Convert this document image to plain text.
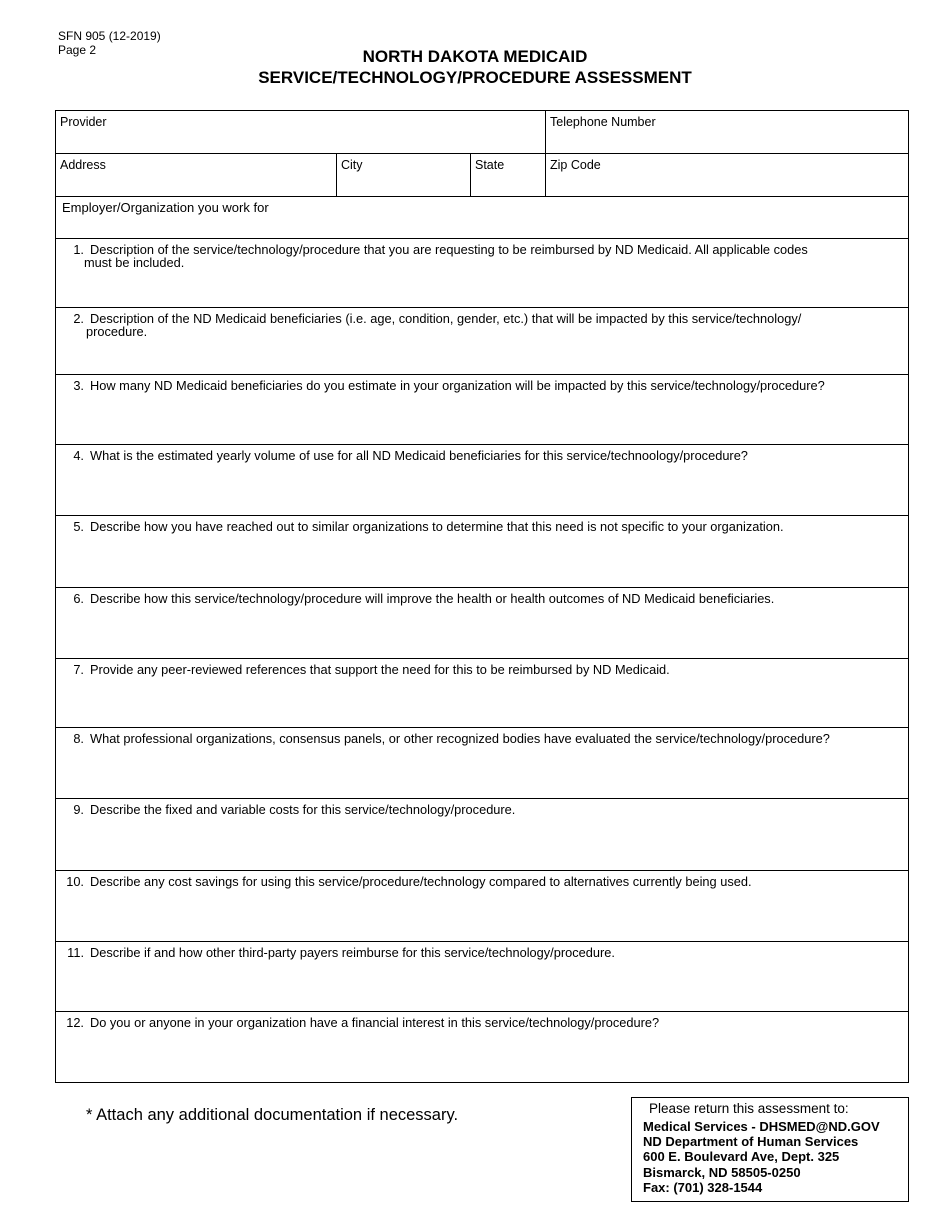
SFN 905 (12-2019)
Page 2	NORTH DAKOTA MEDICAID
SERVICE/TECHNOLOGY/PROCEDURE ASSESSMENT
Provider	Telephone Number
Address	City	State	Zip Code
Employer/Organization you work for
1. Description of the service/technology/procedure that you are requesting to be reimbursed by ND Medicaid. All applicable codes
must be included.
2. Description of the ND Medicaid beneficiaries (i.e. age, condition, gender, etc.) that will be impacted by this service/technology/
procedure.
3. How many ND Medicaid beneficiaries do you estimate in your organization will be impacted by this service/technology/procedure?
4. What is the estimated yearly volume of use for all ND Medicaid beneficiaries for this service/technoology/procedure?
5. Describe how you have reached out to similar organizations to determine that this need is not specific to your organization.
6. Describe how this service/technology/procedure will improve the health or health outcomes of ND Medicaid beneficiaries.
7. Provide any peer-reviewed references that support the need for this to be reimbursed by ND Medicaid.
8. What professional organizations, consensus panels, or other recognized bodies have evaluated the service/technology/procedure?
9. Describe the fixed and variable costs for this service/technology/procedure.
10. Describe any cost savings for using this service/procedure/technology compared to alternatives currently being used.
11. Describe if and how other third-party payers reimburse for this service/technology/procedure.
12. Do you or anyone in your organization have a financial interest in this service/technology/procedure?
* Attach any additional documentation if necessary.	Please return this assessment to:
Medical Services - DHSMED@ND.GOV
ND Department of Human Services
600 E. Boulevard Ave, Dept. 325
Bismarck, ND 58505-0250
Fax: (701) 328-1544
